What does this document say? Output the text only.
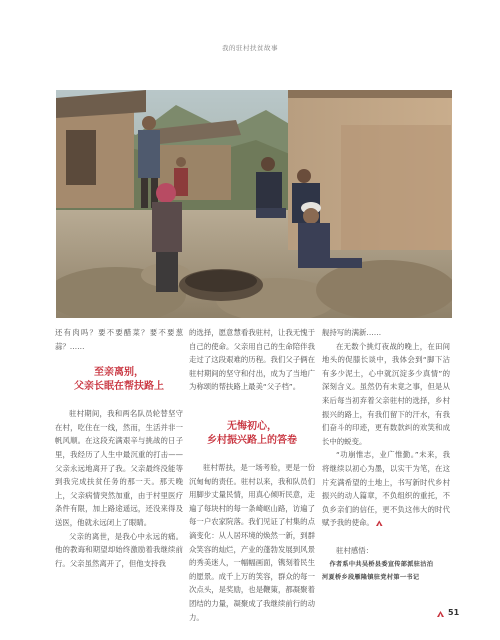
我的驻村扶贫故事

还有肉吗？要不要醋菜？要不要葱蒜？……

至亲离别，
父亲长眠在帮扶路上

驻村期间，我和两名队员轮替坚守在村，吃住在一线，然而，生活并非一帆风顺。在这段充满艰辛与挑战的日子里，我经历了人生中最沉重的打击——父亲永远地离开了我。父亲最终没能等到我完成扶贫任务的那一天。那天晚上，父亲病情突然加重，由于村里医疗条件有限，加上路途遥远，还没来得及送医，他就永远闭上了眼睛。

父亲的离世，是我心中永远的痛。他的教诲和期望却始终激励着我继续前行。父亲虽然离开了，但他支持我

的选择，愿意慧看我驻村，让我无愧于自己的使命。父亲用自己的生命陪伴我走过了这段艰难的历程。我们父子俩在驻村期间的坚守和付出，成为了当地广为称颂的帮扶路上最美“父子档”。

无悔初心，
乡村振兴路上的答卷

驻村帮扶，是一场考验，更是一份沉甸甸的责任。驻村以来，我和队员们用脚步丈量民情，用真心倾听民意，走遍了每块村的每一条崎岖山路，访遍了每一户农家院落。我们见证了村集的点滴变化：从人居环境的焕然一新，到群众笑容的灿烂，产业的蓬勃发展到风景的秀美迷人，一幅幅画面，镌刻着民生的愿景。成千上万的笑容，群众的每一次点头，是奖励，也是鞭策，都凝聚着团结的力量，凝聚成了我继续前行的动力。

舰持写的满新……

在无数个挑灯夜战的晚上，在田间地头的促膝长谈中，我体会到“脚下沾有多少泥土，心中就沉淀多少真情”的深刻含义。虽然仍有未竟之事，但是从来后每当初弃着父亲驻村的选择，乡村振兴的路上，有我们留下的汗水，有我们奋斗的印迹，更有数款纠的欢笑和成长中的蜕变。

“功崩惟志，业广惟勤。”未来，我将继续以初心为墨，以实干为笔，在这片充满希望的土地上，书写新时代乡村振兴的动人篇章，不负组织的重托，不负乡亲们的信任，更不负这伟大的时代赋予我的使命。

驻村感悟：

作者系中共吴桥县委宣传部派驻沽泊
河夏桥乡段雁隆镇驻党村第一书记
51
